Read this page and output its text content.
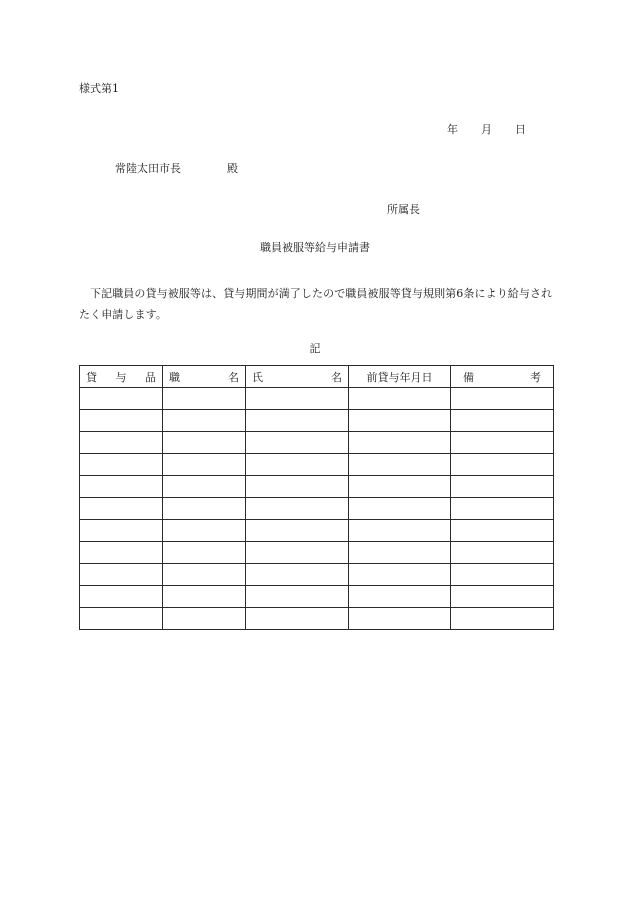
様式第1
年 月 日
常陸太田市長	殿
所属長
職員被服等給与申請書
下記職員の貸与被服等は、貸与期間が満了したので職員被服等貸与規則第6条により給与されたく申請します。
記
貸 与 品	職 名	氏 名	前貸与年月日	備 考
